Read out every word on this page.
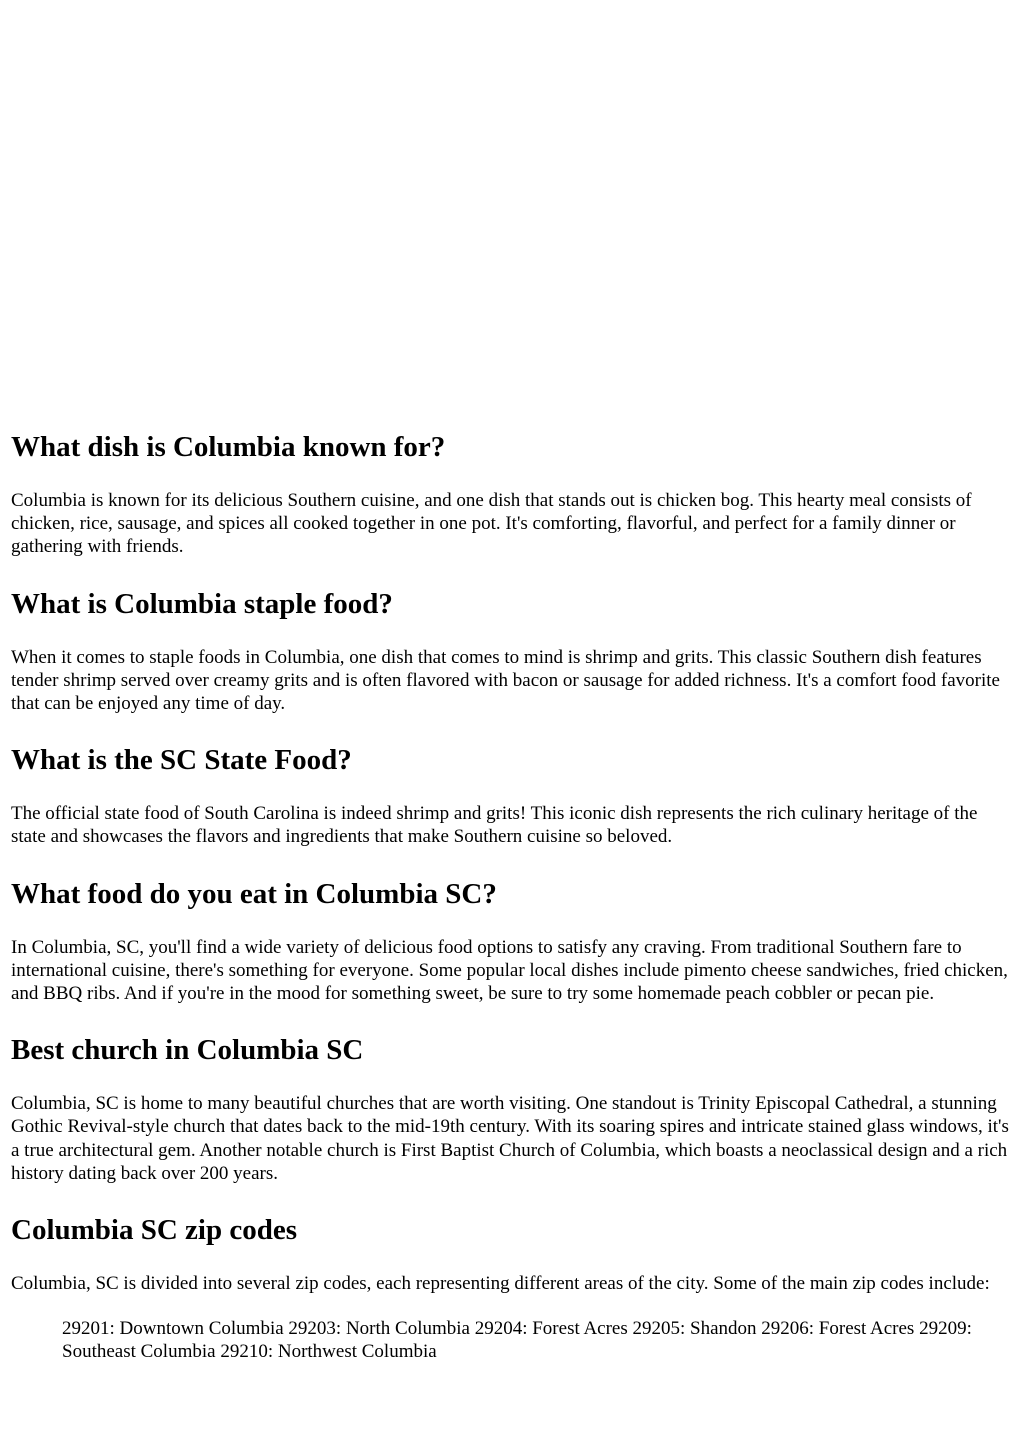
What dish is Columbia known for?

Columbia is known for its delicious Southern cuisine, and one dish that stands out is chicken bog. This hearty meal consists of chicken, rice, sausage, and spices all cooked together in one pot. It's comforting, flavorful, and perfect for a family dinner or gathering with friends.

What is Columbia staple food?

When it comes to staple foods in Columbia, one dish that comes to mind is shrimp and grits. This classic Southern dish features tender shrimp served over creamy grits and is often flavored with bacon or sausage for added richness. It's a comfort food favorite that can be enjoyed any time of day.

What is the SC State Food?

The official state food of South Carolina is indeed shrimp and grits! This iconic dish represents the rich culinary heritage of the state and showcases the flavors and ingredients that make Southern cuisine so beloved.

What food do you eat in Columbia SC?

In Columbia, SC, you'll find a wide variety of delicious food options to satisfy any craving. From traditional Southern fare to international cuisine, there's something for everyone. Some popular local dishes include pimento cheese sandwiches, fried chicken, and BBQ ribs. And if you're in the mood for something sweet, be sure to try some homemade peach cobbler or pecan pie.

Best church in Columbia SC

Columbia, SC is home to many beautiful churches that are worth visiting. One standout is Trinity Episcopal Cathedral, a stunning Gothic Revival-style church that dates back to the mid-19th century. With its soaring spires and intricate stained glass windows, it's a true architectural gem. Another notable church is First Baptist Church of Columbia, which boasts a neoclassical design and a rich history dating back over 200 years.

Columbia SC zip codes

Columbia, SC is divided into several zip codes, each representing different areas of the city. Some of the main zip codes include:

29201: Downtown Columbia 29203: North Columbia 29204: Forest Acres 29205: Shandon 29206: Forest Acres 29209: Southeast Columbia 29210: Northwest Columbia
